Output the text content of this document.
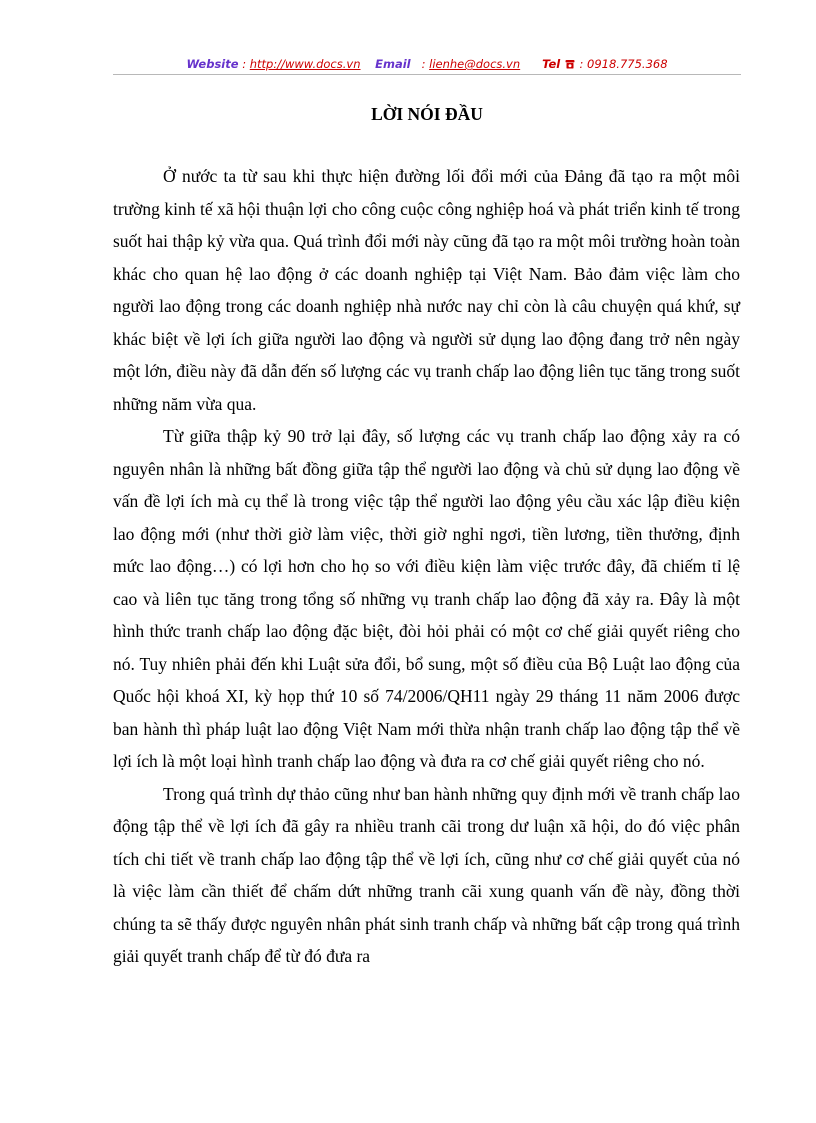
Website : http://www.docs.vn Email   : lienhe@docs.vn Tel : 0918.775.368
LỜI NÓI ĐẦU

Ở nước ta từ sau khi thực hiện đường lối đổi mới của Đảng đã tạo ra một môi trường kinh tế xã hội thuận lợi cho công cuộc công nghiệp hoá và phát triển kinh tế trong suốt hai thập kỷ vừa qua. Quá trình đổi mới này cũng đã tạo ra một môi trường hoàn toàn khác cho quan hệ lao động ở các doanh nghiệp tại Việt Nam. Bảo đảm việc làm cho người lao động trong các doanh nghiệp nhà nước nay chỉ còn là câu chuyện quá khứ, sự khác biệt về lợi ích giữa người lao động và người sử dụng lao động đang trở nên ngày một lớn, điều này đã dẫn đến số lượng các vụ tranh chấp lao động liên tục tăng trong suốt những năm vừa qua.

Từ giữa thập kỷ 90 trở lại đây, số lượng các vụ tranh chấp lao động xảy ra có nguyên nhân là những bất đồng giữa tập thể người lao động và chủ sử dụng lao động về vấn đề lợi ích mà cụ thể là trong việc tập thể người lao động yêu cầu xác lập điều kiện lao động mới (như thời giờ làm việc, thời giờ nghỉ ngơi, tiền lương, tiền thưởng, định mức lao động…) có lợi hơn cho họ so với điều kiện làm việc trước đây, đã chiếm tỉ lệ cao và liên tục tăng trong tổng số những vụ tranh chấp lao động đã xảy ra. Đây là một hình thức tranh chấp lao động đặc biệt, đòi hỏi phải có một cơ chế giải quyết riêng cho nó. Tuy nhiên phải đến khi Luật sửa đổi, bổ sung, một số điều của Bộ Luật lao động của Quốc hội khoá XI, kỳ họp thứ 10 số 74/2006/QH11 ngày 29 tháng 11 năm 2006 được ban hành thì pháp luật lao động Việt Nam mới thừa nhận tranh chấp lao động tập thể về lợi ích là một loại hình tranh chấp lao động và đưa ra cơ chế giải quyết riêng cho nó.

Trong quá trình dự thảo cũng như ban hành những quy định mới về tranh chấp lao động tập thể về lợi ích đã gây ra nhiều tranh cãi trong dư luận xã hội, do đó việc phân tích chi tiết về tranh chấp lao động tập thể về lợi ích, cũng như cơ chế giải quyết của nó là việc làm cần thiết để chấm dứt những tranh cãi xung quanh vấn đề này, đồng thời chúng ta sẽ thấy được nguyên nhân phát sinh tranh chấp và những bất cập trong quá trình giải quyết tranh chấp để từ đó đưa ra
